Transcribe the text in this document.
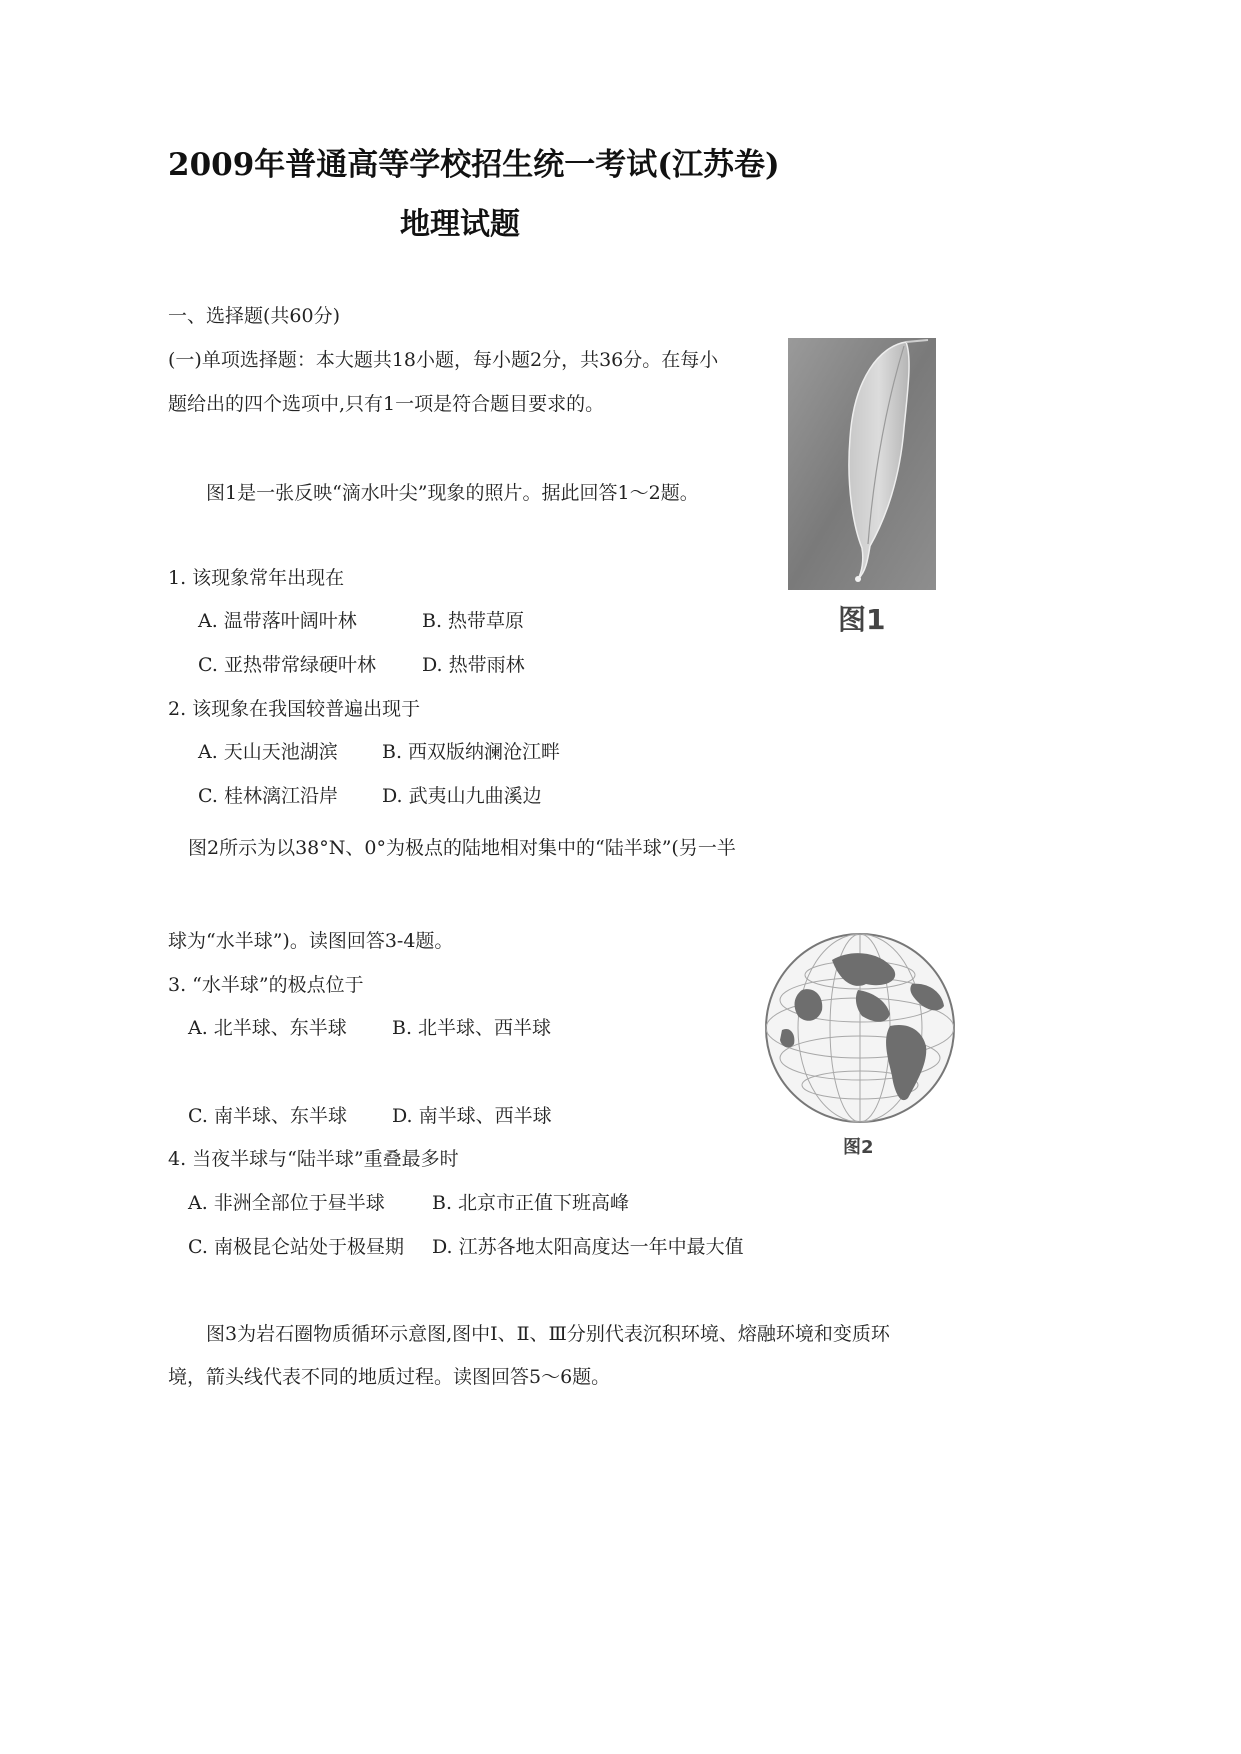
2009年普通高等学校招生统一考试(江苏卷)
地理试题
一、选择题(共60分)
(一)单项选择题：本大题共18小题，每小题2分，共36分。在每小
题给出的四个选项中,只有1一项是符合题目要求的。
图1
图1是一张反映“滴水叶尖”现象的照片。据此回答1～2题。
1. 该现象常年出现在
A. 温带落叶阔叶林	B. 热带草原
C. 亚热带常绿硬叶林 D. 热带雨林
2. 该现象在我国较普遍出现于
A. 天山天池湖滨 B. 西双版纳澜沧江畔
C. 桂林漓江沿岸 D. 武夷山九曲溪边
图2所示为以38°N、0°为极点的陆地相对集中的“陆半球”(另一半
球为“水半球”)。读图回答3-4题。
图2
3. “水半球”的极点位于
A. 北半球、东半球 B. 北半球、西半球
C. 南半球、东半球 D. 南半球、西半球
4. 当夜半球与“陆半球”重叠最多时
A. 非洲全部位于昼半球 B. 北京市正值下班高峰
C. 南极昆仑站处于极昼期 D. 江苏各地太阳高度达一年中最大值
图3为岩石圈物质循环示意图,图中Ⅰ、Ⅱ、Ⅲ分别代表沉积环境、熔融环境和变质环
境，箭头线代表不同的地质过程。读图回答5～6题。
